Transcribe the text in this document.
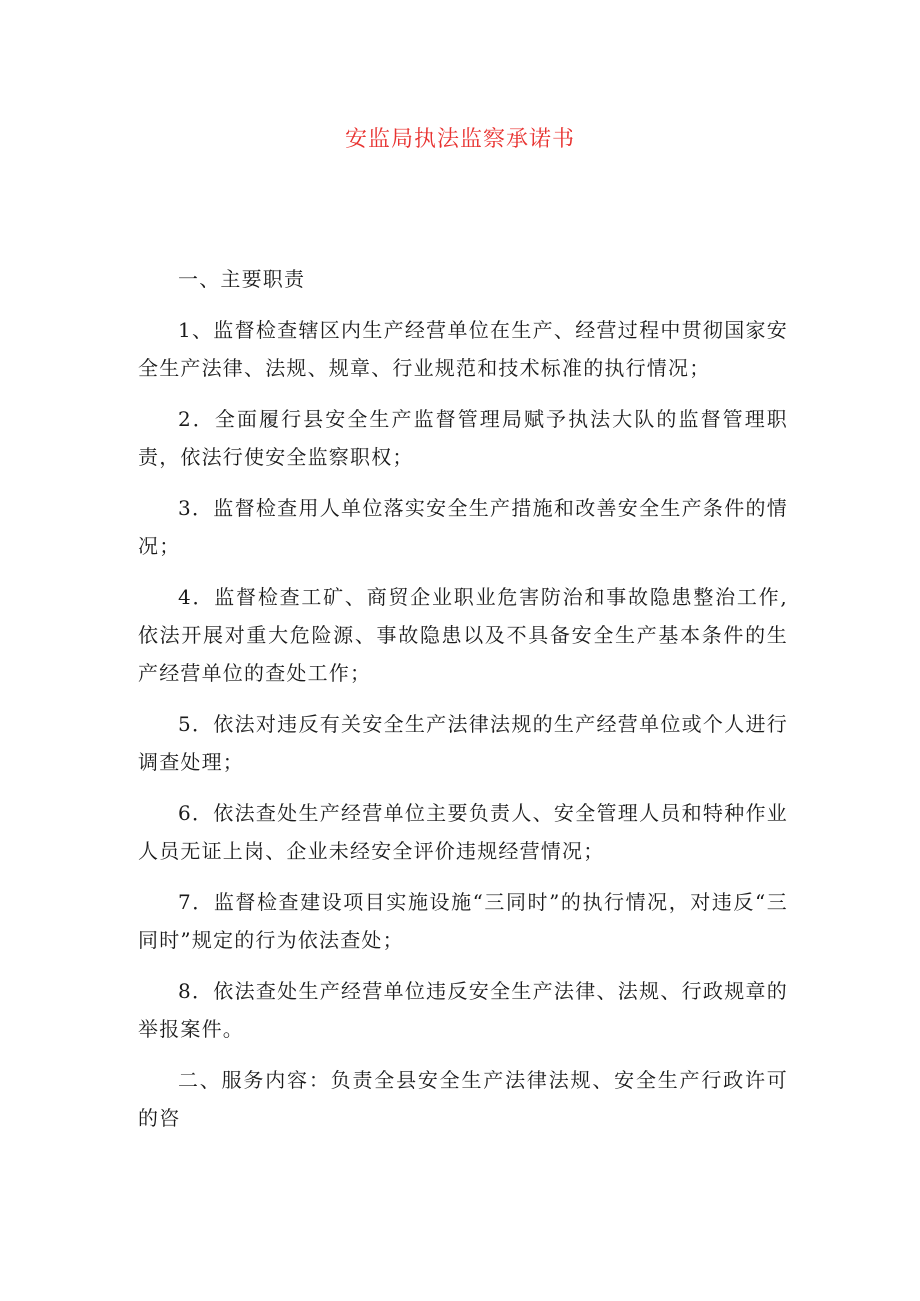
安监局执法监察承诺书

一、主要职责

1、监督检查辖区内生产经营单位在生产、经营过程中贯彻国家安全生产法律、法规、规章、行业规范和技术标准的执行情况；

2．全面履行县安全生产监督管理局赋予执法大队的监督管理职责，依法行使安全监察职权；

3．监督检查用人单位落实安全生产措施和改善安全生产条件的情况；

4．监督检查工矿、商贸企业职业危害防治和事故隐患整治工作,依法开展对重大危险源、事故隐患以及不具备安全生产基本条件的生产经营单位的查处工作；

5．依法对违反有关安全生产法律法规的生产经营单位或个人进行调查处理；

6．依法查处生产经营单位主要负责人、安全管理人员和特种作业人员无证上岗、企业未经安全评价违规经营情况；

7．监督检查建设项目实施设施“三同时”的执行情况，对违反“三同时”规定的行为依法查处；

8．依法查处生产经营单位违反安全生产法律、法规、行政规章的举报案件。

二、服务内容：负责全县安全生产法律法规、安全生产行政许可的咨
